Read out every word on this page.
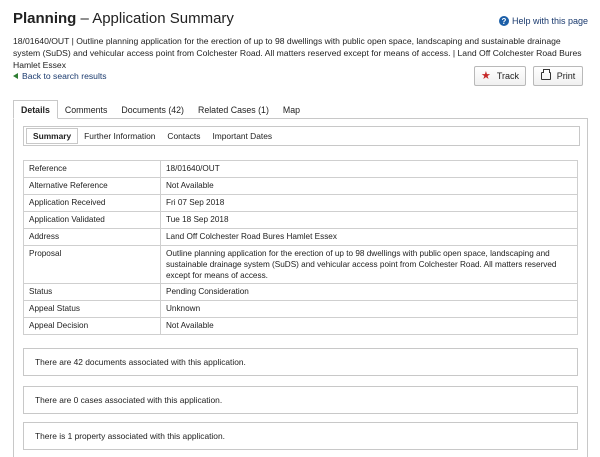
Planning – Application Summary	? Help with this page
18/01640/OUT | Outline planning application for the erection of up to 98 dwellings with public open space, landscaping and sustainable drainage system (SuDS) and vehicular access point from Colchester Road. All matters reserved except for means of access. | Land Off Colchester Road Bures Hamlet Essex
Back to search results	★ Track	Print
Details	Comments	Documents (42)	Related Cases (1)	Map
Summary	Further Information	Contacts	Important Dates
Reference	18/01640/OUT
Alternative Reference	Not Available
Application Received	Fri 07 Sep 2018
Application Validated	Tue 18 Sep 2018
Address	Land Off Colchester Road Bures Hamlet Essex
Proposal	Outline planning application for the erection of up to 98 dwellings with public open space, landscaping and sustainable drainage system (SuDS) and vehicular access point from Colchester Road. All matters reserved except for means of access.
Status	Pending Consideration
Appeal Status	Unknown
Appeal Decision	Not Available
There are 42 documents associated with this application.
There are 0 cases associated with this application.
There is 1 property associated with this application.
